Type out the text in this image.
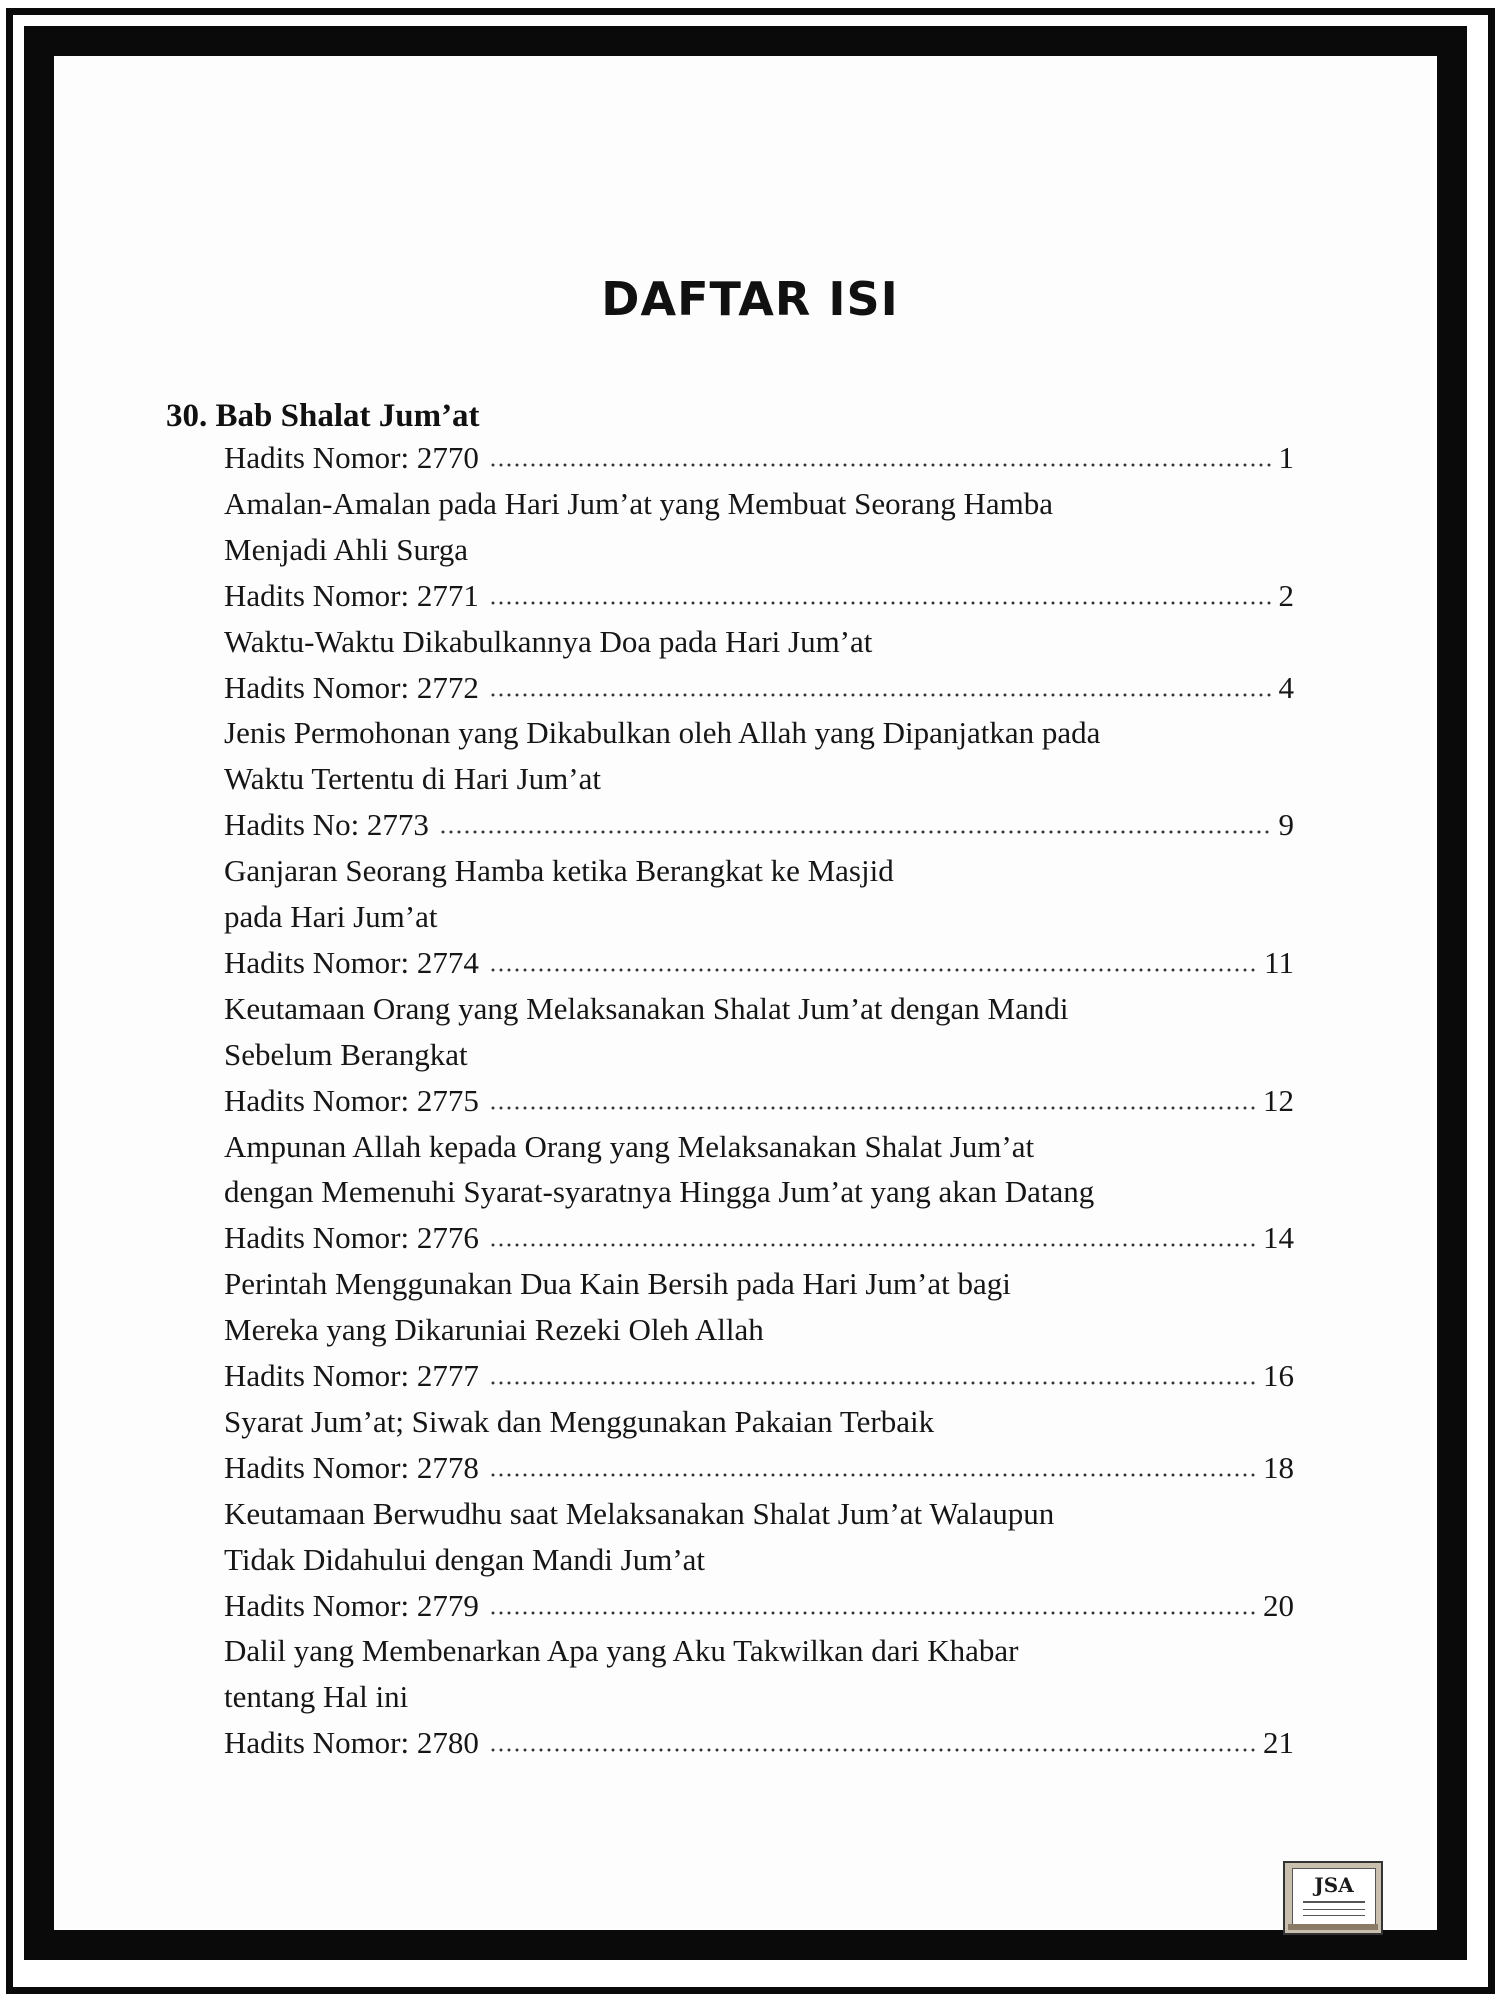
DAFTAR ISI
30. Bab Shalat Jum’at
Hadits Nomor: 2770	1
Amalan-Amalan pada Hari Jum’at yang Membuat Seorang Hamba
Menjadi Ahli Surga
Hadits Nomor: 2771	2
Waktu-Waktu Dikabulkannya Doa pada Hari Jum’at
Hadits Nomor: 2772	4
Jenis Permohonan yang Dikabulkan oleh Allah yang Dipanjatkan pada
Waktu Tertentu di Hari Jum’at
Hadits No: 2773	9
Ganjaran Seorang Hamba ketika Berangkat ke Masjid
pada Hari Jum’at
Hadits Nomor: 2774	11
Keutamaan Orang yang Melaksanakan Shalat Jum’at dengan Mandi
Sebelum Berangkat
Hadits Nomor: 2775	12
Ampunan Allah kepada Orang yang Melaksanakan Shalat Jum’at
dengan Memenuhi Syarat-syaratnya Hingga Jum’at yang akan Datang
Hadits Nomor: 2776	14
Perintah Menggunakan Dua Kain Bersih pada Hari Jum’at bagi
Mereka yang Dikaruniai Rezeki Oleh Allah
Hadits Nomor: 2777	16
Syarat Jum’at; Siwak dan Menggunakan Pakaian Terbaik
Hadits Nomor: 2778	18
Keutamaan Berwudhu saat Melaksanakan Shalat Jum’at Walaupun
Tidak Didahului dengan Mandi Jum’at
Hadits Nomor: 2779	20
Dalil yang Membenarkan Apa yang Aku Takwilkan dari Khabar
tentang Hal ini
Hadits Nomor: 2780	21
JSA
